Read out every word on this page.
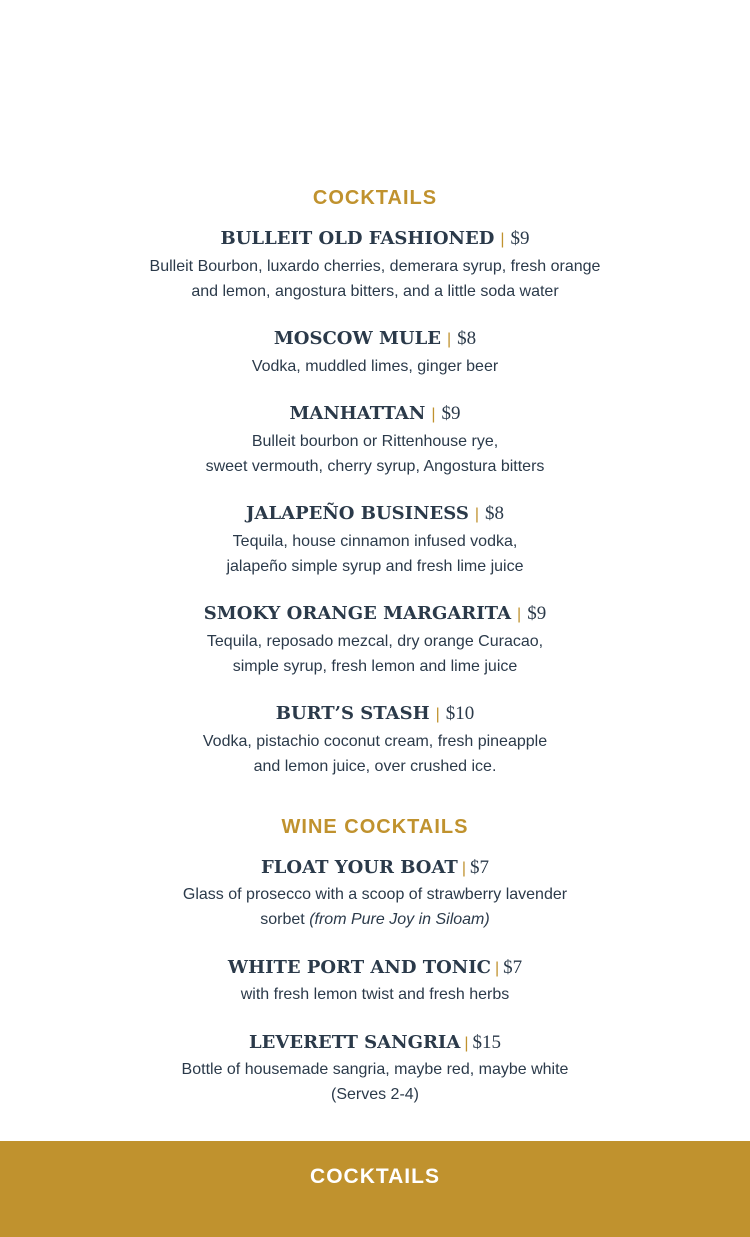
COCKTAILS
BULLEIT OLD FASHIONED | $9
Bulleit Bourbon, luxardo cherries, demerara syrup, fresh orange
and lemon, angostura bitters, and a little soda water
MOSCOW MULE | $8
Vodka, muddled limes, ginger beer
MANHATTAN | $9
Bulleit bourbon or Rittenhouse rye,
sweet vermouth, cherry syrup, Angostura bitters
JALAPEÑO BUSINESS | $8
Tequila, house cinnamon infused vodka,
jalapeño simple syrup and fresh lime juice
SMOKY ORANGE MARGARITA | $9
Tequila, reposado mezcal, dry orange Curacao,
simple syrup, fresh lemon and lime juice
BURT’S STASH | $10
Vodka, pistachio coconut cream, fresh pineapple
and lemon juice, over crushed ice.
WINE COCKTAILS
FLOAT YOUR BOAT | $7
Glass of prosecco with a scoop of strawberry lavender
sorbet (from Pure Joy in Siloam)
WHITE PORT AND TONIC | $7
with fresh lemon twist and fresh herbs
LEVERETT SANGRIA | $15
Bottle of housemade sangria, maybe red, maybe white
(Serves 2-4)
COCKTAILS
